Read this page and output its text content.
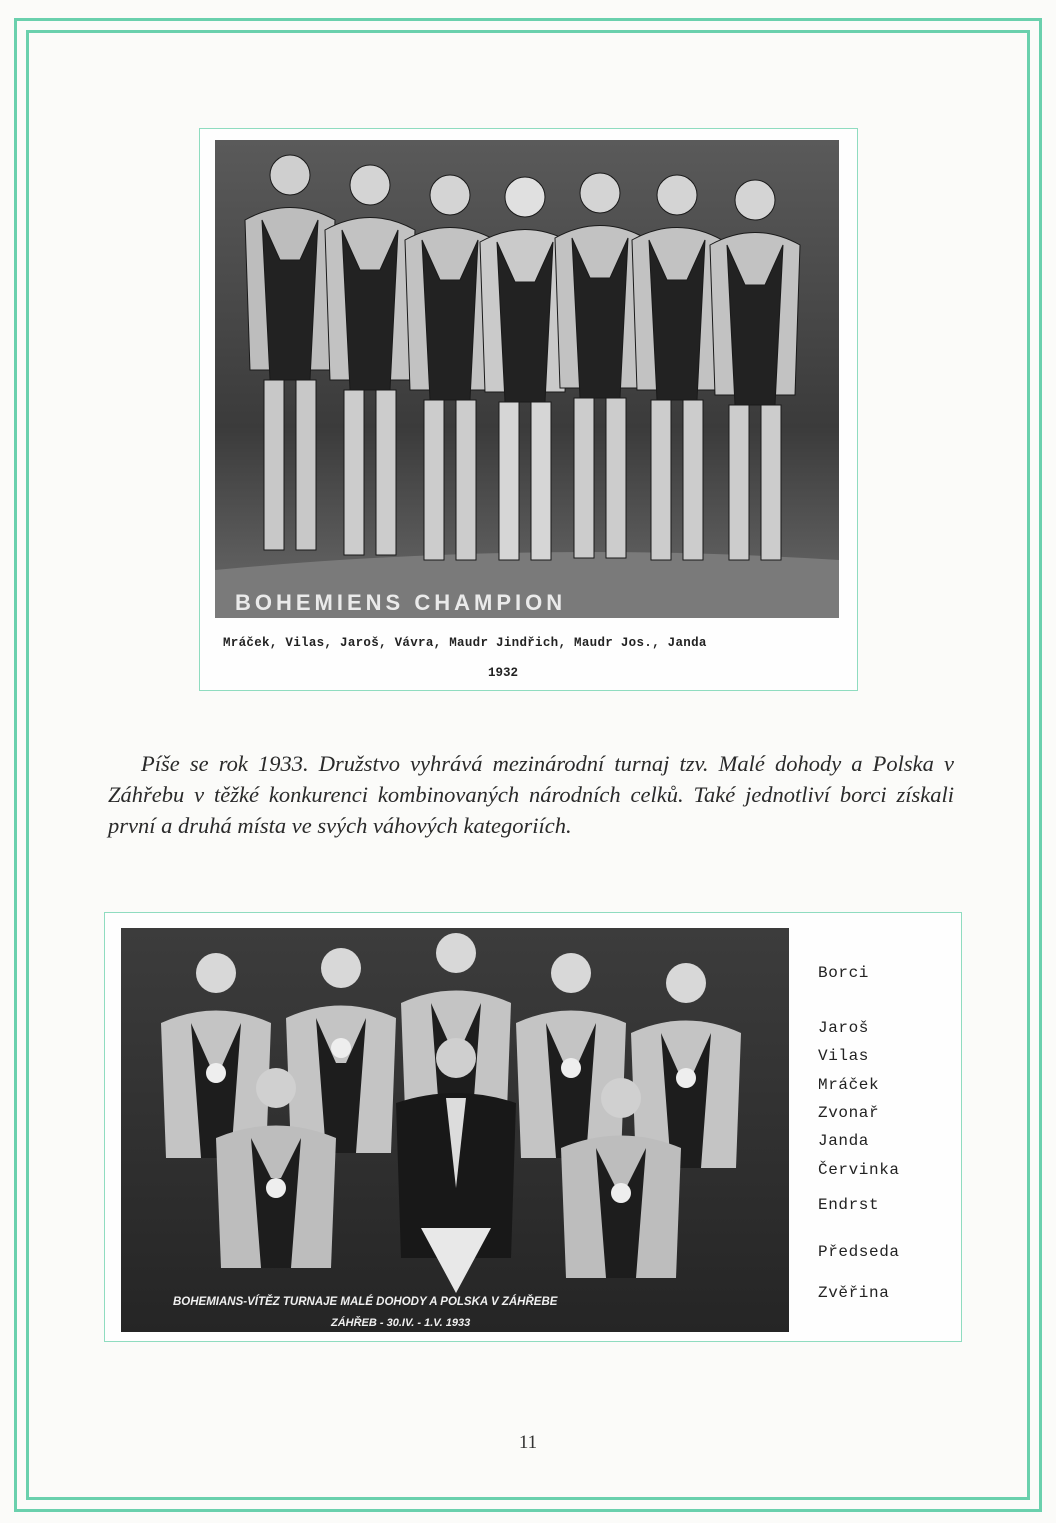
BOHEMIENS CHAMPION
Mráček, Vilas, Jaroš, Vávra, Maudr Jindřich, Maudr Jos., Janda
1932
Píše se rok 1933. Družstvo vyhrává mezinárodní turnaj tzv. Malé dohody a Polska v Záhřebu v těžké konkurenci kombinovaných národních celků. Také jednotliví borci získali první a druhá místa ve svých váhových kategoriích.
BOHEMIANS-VÍTĚZ TURNAJE MALÉ DOHODY A POLSKA V ZÁHŘEBE
ZÁHŘEB - 30.IV. - 1.V. 1933
Borci
Jaroš
Vilas
Mráček
Zvonař
Janda
Červinka
Endrst
Předseda
Zvěřina
11
